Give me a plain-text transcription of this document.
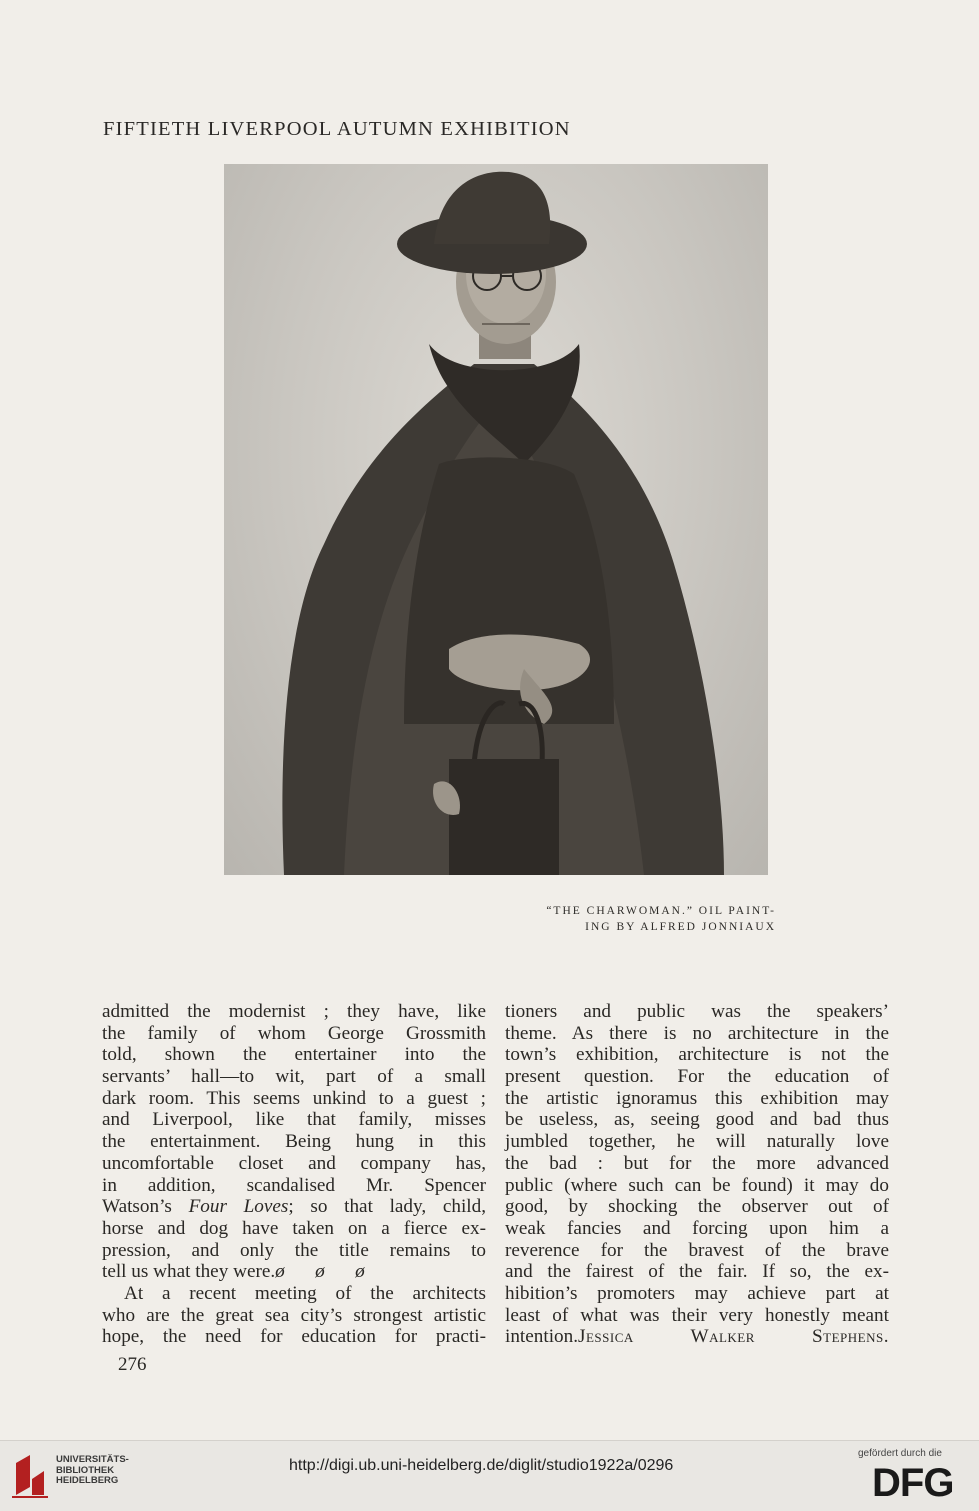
FIFTIETH LIVERPOOL AUTUMN EXHIBITION
“THE CHARWOMAN.” OIL PAINT-
ING BY ALFRED JONNIAUX
admitted the modernist ; they have, like
the family of whom George Grossmith
told, shown the entertainer into the
servants’ hall—to wit, part of a small
dark room. This seems unkind to a guest ;
and Liverpool, like that family, misses
the entertainment. Being hung in this
uncomfortable closet and company has,
in addition, scandalised Mr. Spencer
Watson’s Four Loves; so that lady, child,
horse and dog have taken on a fierce ex-
pression, and only the title remains to
tell us what they were.ø ø ø
At a recent meeting of the architects
who are the great sea city’s strongest artistic
hope, the need for education for practi-
tioners and public was the speakers’
theme. As there is no architecture in the
town’s exhibition, architecture is not the
present question. For the education of
the artistic ignoramus this exhibition may
be useless, as, seeing good and bad thus
jumbled together, he will naturally love
the bad : but for the more advanced
public (where such can be found) it may do
good, by shocking the observer out of
weak fancies and forcing upon him a
reverence for the bravest of the brave
and the fairest of the fair. If so, the ex-
hibition’s promoters may achieve part at
least of what was their very honestly meant
intention.Jessica Walker Stephens.
276
UNIVERSITÄTS-
BIBLIOTHEK
HEIDELBERG
http://digi.ub.uni-heidelberg.de/diglit/studio1922a/0296
gefördert durch die
DFG
